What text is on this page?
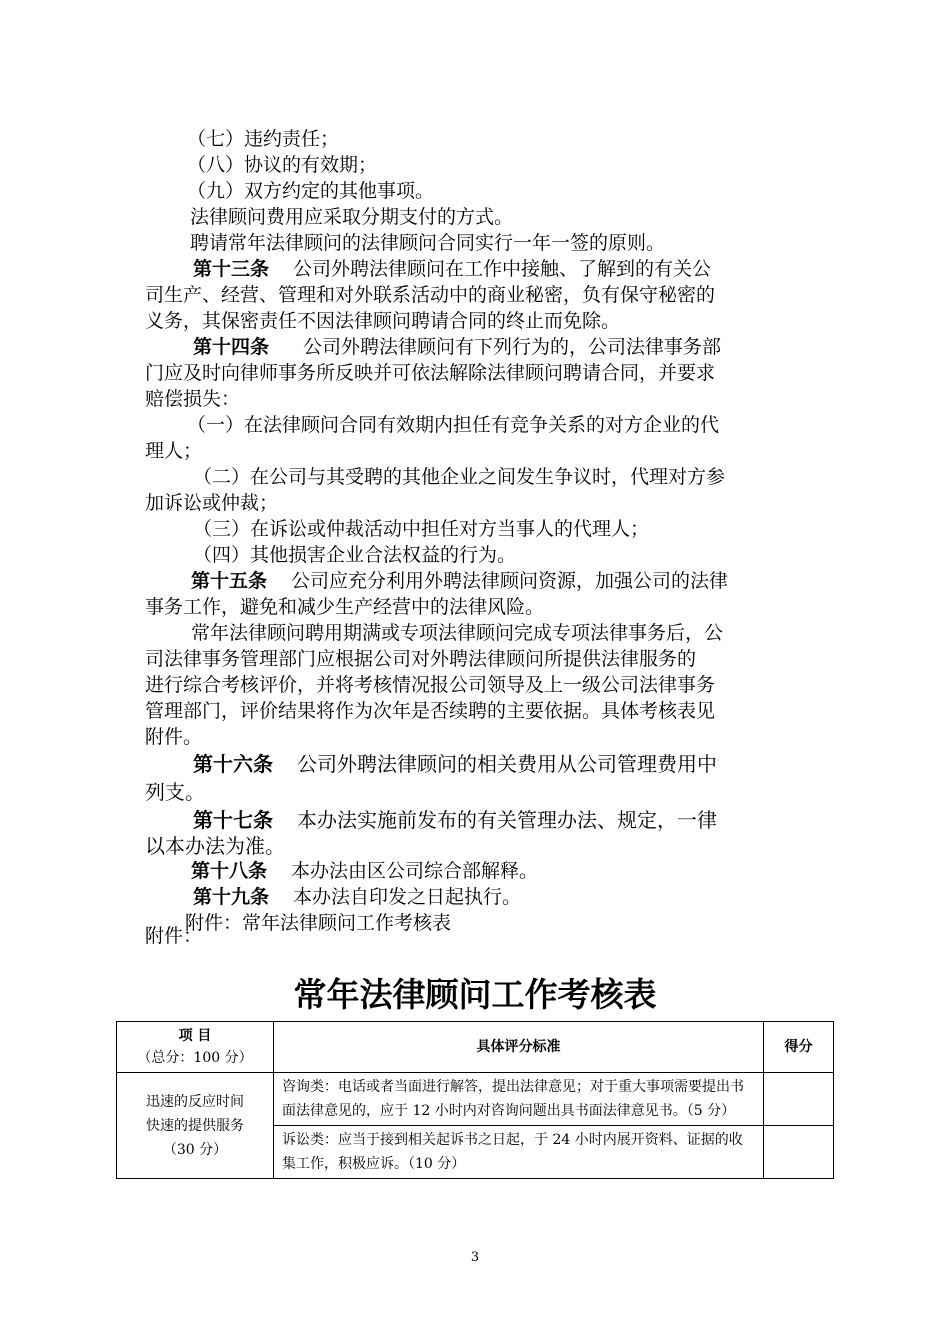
（七）违约责任；
（八）协议的有效期；
（九）双方约定的其他事项。
法律顾问费用应采取分期支付的方式。
聘请常年法律顾问的法律顾问合同实行一年一签的原则。
第十三条 公司外聘法律顾问在工作中接触、了解到的有关公
司生产、经营、管理和对外联系活动中的商业秘密，负有保守秘密的
义务，其保密责任不因法律顾问聘请合同的终止而免除。
第十四条 公司外聘法律顾问有下列行为的，公司法律事务部
门应及时向律师事务所反映并可依法解除法律顾问聘请合同，并要求
赔偿损失：
（一）在法律顾问合同有效期内担任有竞争关系的对方企业的代
理人；
（二）在公司与其受聘的其他企业之间发生争议时，代理对方参
加诉讼或仲裁；
（三）在诉讼或仲裁活动中担任对方当事人的代理人；
（四）其他损害企业合法权益的行为。
第十五条 公司应充分利用外聘法律顾问资源，加强公司的法律
事务工作，避免和减少生产经营中的法律风险。
常年法律顾问聘用期满或专项法律顾问完成专项法律事务后，公
司法律事务管理部门应根据公司对外聘法律顾问所提供法律服务的
进行综合考核评价，并将考核情况报公司领导及上一级公司法律事务
管理部门，评价结果将作为次年是否续聘的主要依据。具体考核表见
附件。
第十六条 公司外聘法律顾问的相关费用从公司管理费用中
列支。
第十七条 本办法实施前发布的有关管理办法、规定，一律
以本办法为准。
第十八条 本办法由区公司综合部解释。
第十九条 本办法自印发之日起执行。
附件：常年法律顾问工作考核表
附件：
常年法律顾问工作考核表
项 目
（总分：100 分）	具体评分标准	得分

迅速的反应时间
快速的提供服务
（30 分）	咨询类：电话或者当面进行解答，提出法律意见；对于重大事项需要提出书面法律意见的，应于 12 小时内对咨询问题出具书面法律意见书。（5 分）	
	诉讼类：应当于接到相关起诉书之日起，于 24 小时内展开资料、证据的收集工作，积极应诉。（10 分）	
3
